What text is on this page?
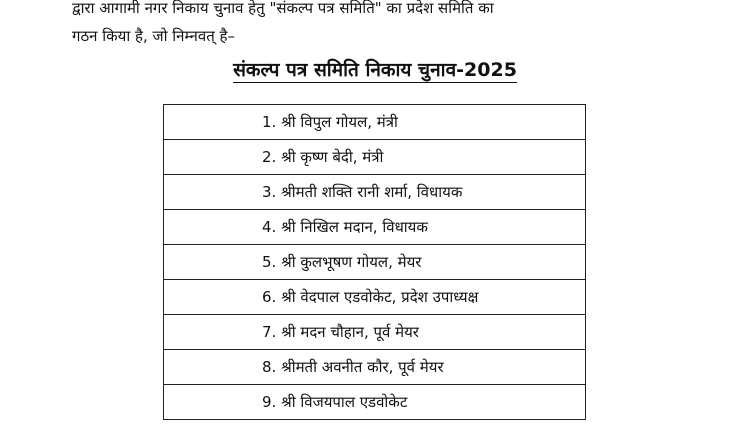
द्वारा आगामी नगर निकाय चुनाव हेतु "संकल्प पत्र समिति" का प्रदेश समिति का
गठन किया है, जो निम्नवत् है–
संकल्प पत्र समिति निकाय चुनाव-2025
1. श्री विपुल गोयल, मंत्री
2. श्री कृष्ण बेदी, मंत्री
3. श्रीमती शक्ति रानी शर्मा, विधायक
4. श्री निखिल मदान, विधायक
5. श्री कुलभूषण गोयल, मेयर
6. श्री वेदपाल एडवोकेट, प्रदेश उपाध्यक्ष
7. श्री मदन चौहान, पूर्व मेयर
8. श्रीमती अवनीत कौर, पूर्व मेयर
9. श्री विजयपाल एडवोकेट
